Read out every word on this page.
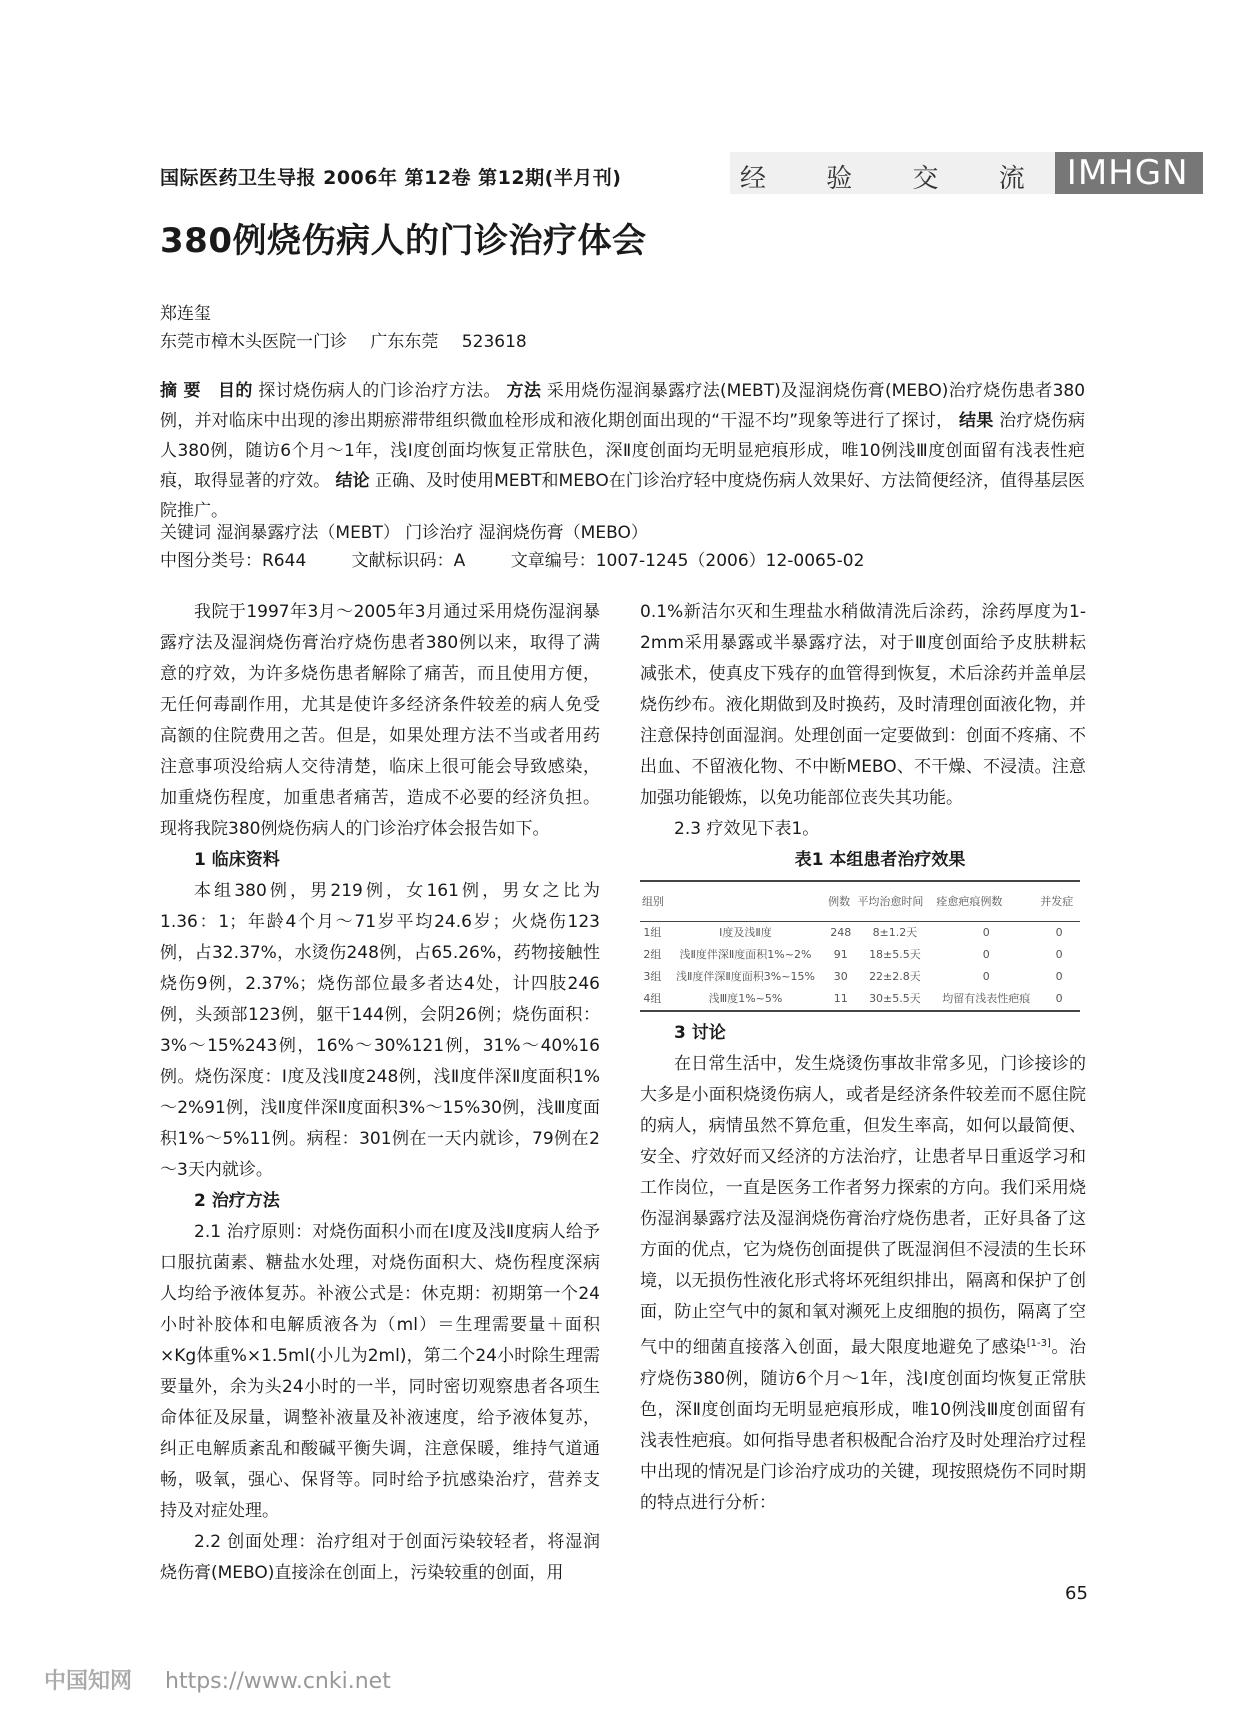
国际医药卫生导报 2006年 第12卷 第12期(半月刊)	经 验 交 流 IMHGN
380例烧伤病人的门诊治疗体会
郑连玺
东莞市樟木头医院一门诊 广东东莞 523618
摘 要 目的 探讨烧伤病人的门诊治疗方法。 方法 采用烧伤湿润暴露疗法(MEBT)及湿润烧伤膏(MEBO)治疗烧伤患者380例，并对临床中出现的渗出期瘀滞带组织微血栓形成和液化期创面出现的“干湿不均”现象等进行了探讨， 结果 治疗烧伤病人380例，随访6个月～1年，浅Ⅰ度创面均恢复正常肤色，深Ⅱ度创面均无明显疤痕形成，唯10例浅Ⅲ度创面留有浅表性疤痕，取得显著的疗效。 结论 正确、及时使用MEBT和MEBO在门诊治疗轻中度烧伤病人效果好、方法简便经济，值得基层医院推广。
关键词 湿润暴露疗法（MEBT） 门诊治疗 湿润烧伤膏（MEBO）
中图分类号：R644	文献标识码：A	文章编号：1007-1245（2006）12-0065-02

我院于1997年3月～2005年3月通过采用烧伤湿润暴露疗法及湿润烧伤膏治疗烧伤患者380例以来，取得了满意的疗效，为许多烧伤患者解除了痛苦，而且使用方便，无任何毒副作用，尤其是使许多经济条件较差的病人免受高额的住院费用之苦。但是，如果处理方法不当或者用药注意事项没给病人交待清楚，临床上很可能会导致感染，加重烧伤程度，加重患者痛苦，造成不必要的经济负担。现将我院380例烧伤病人的门诊治疗体会报告如下。

1 临床资料

本组380例，男219例，女161例，男女之比为1.36：1；年龄4个月～71岁平均24.6岁；火烧伤123例，占32.37%，水烫伤248例，占65.26%，药物接触性烧伤9例，2.37%；烧伤部位最多者达4处，计四肢246例，头颈部123例，躯干144例，会阴26例；烧伤面积：3%～15%243例，16%～30%121例，31%～40%16例。烧伤深度：Ⅰ度及浅Ⅱ度248例，浅Ⅱ度伴深Ⅱ度面积1%～2%91例，浅Ⅱ度伴深Ⅱ度面积3%～15%30例，浅Ⅲ度面积1%～5%11例。病程：301例在一天内就诊，79例在2～3天内就诊。

2 治疗方法

2.1 治疗原则：对烧伤面积小而在Ⅰ度及浅Ⅱ度病人给予口服抗菌素、糖盐水处理，对烧伤面积大、烧伤程度深病人均给予液体复苏。补液公式是：休克期：初期第一个24小时补胶体和电解质液各为（ml）＝生理需要量＋面积×Kg体重%×1.5ml(小儿为2ml)，第二个24小时除生理需要量外，余为头24小时的一半，同时密切观察患者各项生命体征及尿量，调整补液量及补液速度，给予液体复苏，纠正电解质紊乱和酸碱平衡失调，注意保暖，维持气道通畅，吸氧，强心、保肾等。同时给予抗感染治疗，营养支持及对症处理。

2.2 创面处理：治疗组对于创面污染较轻者，将湿润烧伤膏(MEBO)直接涂在创面上，污染较重的创面，用

0.1%新洁尔灭和生理盐水稍做清洗后涂药，涂药厚度为1-2mm采用暴露或半暴露疗法，对于Ⅲ度创面给予皮肤耕耘减张术，使真皮下残存的血管得到恢复，术后涂药并盖单层烧伤纱布。液化期做到及时换药，及时清理创面液化物，并注意保持创面湿润。处理创面一定要做到：创面不疼痛、不出血、不留液化物、不中断MEBO、不干燥、不浸渍。注意加强功能锻炼，以免功能部位丧失其功能。

2.3 疗效见下表1。

表1 本组患者治疗效果

组别		例数	平均治愈时间	痊愈疤痕例数	并发症
1组	Ⅰ度及浅Ⅱ度	248	8±1.2天	0	0
2组	浅Ⅱ度伴深Ⅱ度面积1%~2%	91	18±5.5天	0	0
3组	浅Ⅱ度伴深Ⅱ度面积3%~15%	30	22±2.8天	0	0
4组	浅Ⅲ度1%~5%	11	30±5.5天	均留有浅表性疤痕	0

3 讨论

在日常生活中，发生烧烫伤事故非常多见，门诊接诊的大多是小面积烧烫伤病人，或者是经济条件较差而不愿住院的病人，病情虽然不算危重，但发生率高，如何以最简便、安全、疗效好而又经济的方法治疗，让患者早日重返学习和工作岗位，一直是医务工作者努力探索的方向。我们采用烧伤湿润暴露疗法及湿润烧伤膏治疗烧伤患者，正好具备了这方面的优点，它为烧伤创面提供了既湿润但不浸渍的生长环境，以无损伤性液化形式将坏死组织排出，隔离和保护了创面，防止空气中的氮和氧对濒死上皮细胞的损伤，隔离了空气中的细菌直接落入创面，最大限度地避免了感染[1-3]。治疗烧伤380例，随访6个月～1年，浅Ⅰ度创面均恢复正常肤色，深Ⅱ度创面均无明显疤痕形成，唯10例浅Ⅲ度创面留有浅表性疤痕。如何指导患者积极配合治疗及时处理治疗过程中出现的情况是门诊治疗成功的关键，现按照烧伤不同时期的特点进行分析：

65
中国知网 https://www.cnki.net
